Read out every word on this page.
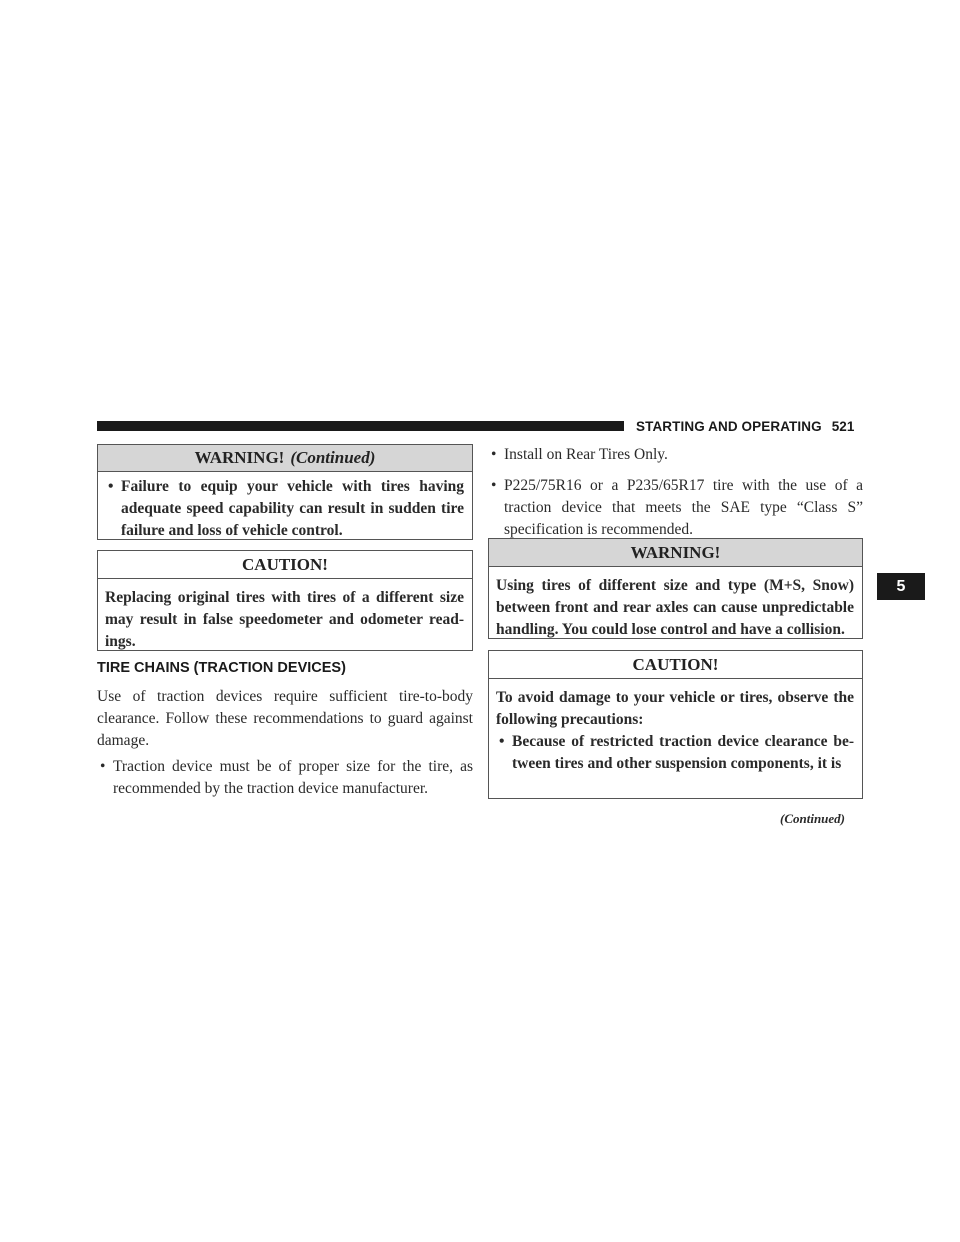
STARTING AND OPERATING 521
5
WARNING! (Continued)
• Failure to equip your vehicle with tires having adequate speed capability can result in sudden tire failure and loss of vehicle control.
CAUTION!
Replacing original tires with tires of a different size may result in false speedometer and odometer read-ings.
TIRE CHAINS (TRACTION DEVICES)

Use of traction devices require sufficient tire-to-body clearance. Follow these recommendations to guard against damage.

• Traction device must be of proper size for the tire, as recommended by the traction device manufacturer.
• Install on Rear Tires Only.
• P225/75R16 or a P235/65R17 tire with the use of a traction device that meets the SAE type “Class S” specification is recommended.
WARNING!
Using tires of different size and type (M+S, Snow) between front and rear axles can cause unpredictable handling. You could lose control and have a collision.
CAUTION!
To avoid damage to your vehicle or tires, observe the following precautions:
• Because of restricted traction device clearance be-tween tires and other suspension components, it is
(Continued)
